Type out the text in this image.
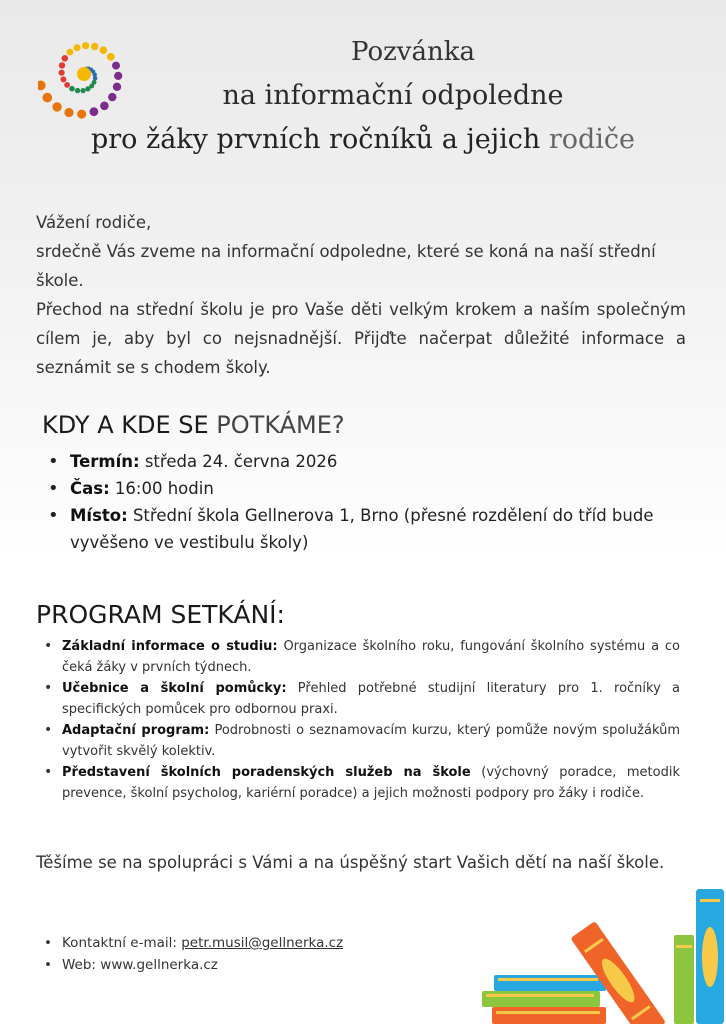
Pozvánka
na informační odpoledne
pro žáky prvních ročníků a jejich rodiče

Vážení rodiče,

srdečně Vás zveme na informační odpoledne, které se koná na naší střední škole.

Přechod na střední školu je pro Vaše děti velkým krokem a naším společným cílem je, aby byl co nejsnadnější. Přijďte načerpat důležité informace a seznámit se s chodem školy.

KDY A KDE SE POTKÁME?
• Termín: středa 24. června 2026
• Čas: 16:00 hodin
• Místo: Střední škola Gellnerova 1, Brno (přesné rozdělení do tříd bude vyvěšeno ve vestibulu školy)
PROGRAM SETKÁNÍ:
• Základní informace o studiu: Organizace školního roku, fungování školního systému a co čeká žáky v prvních týdnech.
• Učebnice a školní pomůcky: Přehled potřebné studijní literatury pro 1. ročníky a specifických pomůcek pro odbornou praxi.
• Adaptační program: Podrobnosti o seznamovacím kurzu, který pomůže novým spolužákům vytvořit skvělý kolektiv.
• Představení školních poradenských služeb na škole (výchovný poradce, metodik prevence, školní psycholog, kariérní poradce) a jejich možnosti podpory pro žáky i rodiče.
Těšíme se na spolupráci s Vámi a na úspěšný start Vašich dětí na naší škole.
• Kontaktní e-mail: petr.musil@gellnerka.cz
• Web: www.gellnerka.cz
